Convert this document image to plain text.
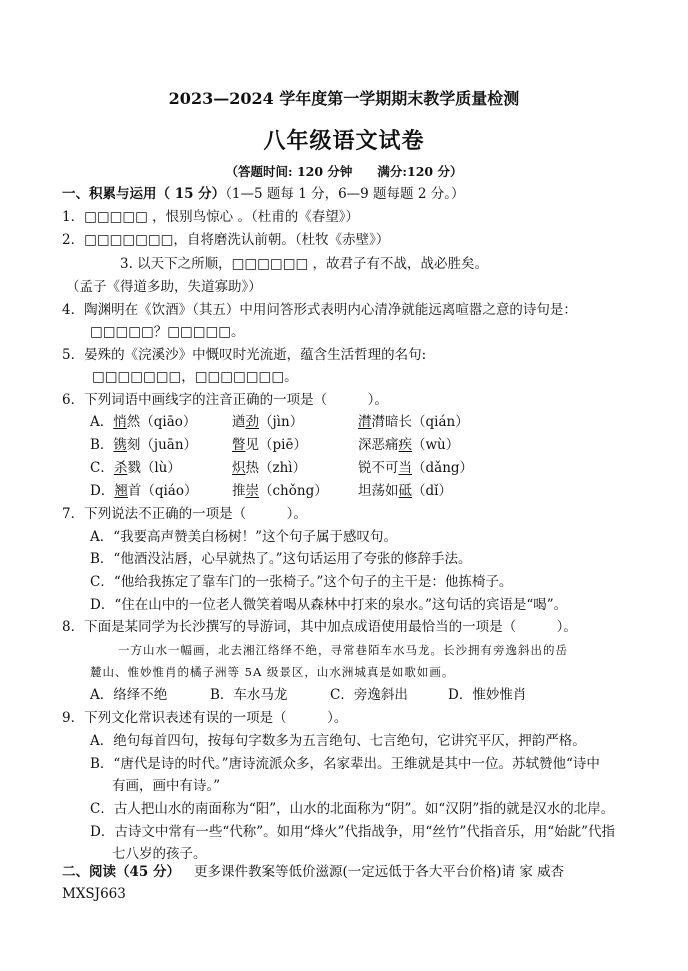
2023—2024 学年度第一学期期末教学质量检测
八年级语文试卷
（答题时间: 120 分钟　　满分:120 分）
一、积累与运用（ 15 分）（1—5 题每 1 分，6—9 题每题 2 分。）
1．□□□□□ ，恨别鸟惊心 。（杜甫的《春望》）
2．□□□□□□□，自将磨洗认前朝。（杜牧《赤壁》）
3. 以天下之所顺，□□□□□□ ，故君子有不战，战必胜矣。
（孟子《得道多助，失道寡助》）
4．陶渊明在《饮酒》（其五）中用问答形式表明内心清净就能远离喧嚣之意的诗句是：
□□□□□？□□□□□。
5．晏殊的《浣溪沙》中慨叹时光流逝，蕴含生活哲理的名句:
□□□□□□□，□□□□□□□。
6．下列词语中画线字的注音正确的一项是（　　　）。
A．悄然（qiāo）	遒劲（jìn）	潸潸暗长（qián）
B．镌刻（juān）	瞥见（piē）	深恶痛疾（wù）
C．杀戮（lù）	炽热（zhì）	锐不可当（dǎng）
D．翘首（qiáo）	推崇（chǒng） 坦荡如砥（dǐ）
7．下列说法不正确的一项是（　　　）。
A．“我要高声赞美白杨树！”这个句子属于感叹句。
B．“他酒没沾唇，心早就热了。”这句话运用了夸张的修辞手法。
C．“他给我拣定了靠车门的一张椅子。”这个句子的主干是：他拣椅子。
D．“住在山中的一位老人微笑着喝从森林中打来的泉水。”这句话的宾语是“喝”。
8．下面是某同学为长沙撰写的导游词，其中加点成语使用最恰当的一项是（　　　）。
一方山水一幅画，北去湘江络绎不绝，寻常巷陌车水马龙。长沙拥有旁逸斜出的岳
麓山、惟妙惟肖的橘子洲等 5A 级景区，山水洲城真是如歌如画。
A．络绎不绝	B．车水马龙	C．旁逸斜出	D．惟妙惟肖
9．下列文化常识表述有误的一项是（　　　）。
A．绝句每首四句，按每句字数多为五言绝句、七言绝句，它讲究平仄，押韵严格。
B．“唐代是诗的时代。”唐诗流派众多，名家辈出。王维就是其中一位。苏轼赞他“诗中
有画，画中有诗。”
C．古人把山水的南面称为“阳”，山水的北面称为“阴”。如“汉阴”指的就是汉水的北岸。
D．古诗文中常有一些“代称”。如用“烽火”代指战争，用“丝竹”代指音乐，用“始龀”代指
七八岁的孩子。
二、阅读（45 分） 更多课件教案等低价滋源(一定远低于各大平台价格)请 家 威杏
MXSJ663
